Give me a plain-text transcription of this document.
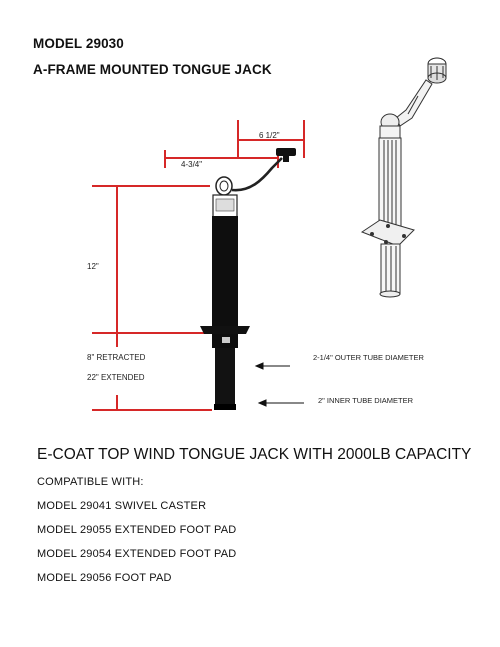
MODEL 29030
A-FRAME MOUNTED TONGUE JACK
6 1/2"
4-3/4"
12"
8" RETRACTED
22" EXTENDED
2-1/4" OUTER TUBE DIAMETER
2" INNER TUBE DIAMETER
E-COAT TOP WIND TONGUE JACK WITH 2000LB CAPACITY
COMPATIBLE WITH:
MODEL 29041 SWIVEL CASTER
MODEL 29055 EXTENDED FOOT PAD
MODEL 29054 EXTENDED FOOT PAD
MODEL 29056 FOOT PAD
